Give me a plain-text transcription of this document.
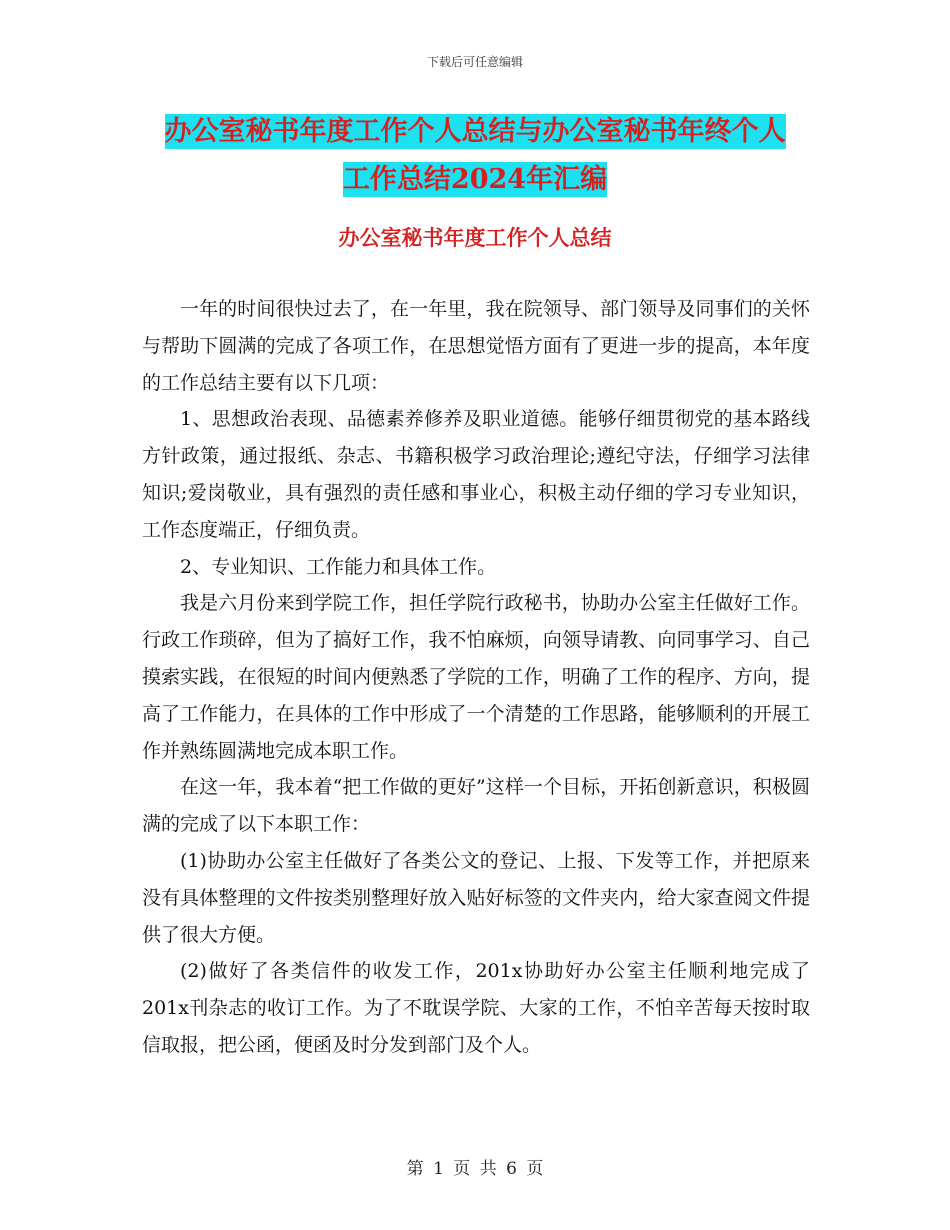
下载后可任意编辑
办公室秘书年度工作个人总结与办公室秘书年终个人
工作总结2024年汇编
办公室秘书年度工作个人总结

一年的时间很快过去了，在一年里，我在院领导、部门领导及同事们的关怀与帮助下圆满的完成了各项工作，在思想觉悟方面有了更进一步的提高，本年度的工作总结主要有以下几项：

1、思想政治表现、品德素养修养及职业道德。能够仔细贯彻党的基本路线方针政策，通过报纸、杂志、书籍积极学习政治理论;遵纪守法，仔细学习法律知识;爱岗敬业，具有强烈的责任感和事业心，积极主动仔细的学习专业知识，工作态度端正，仔细负责。

2、专业知识、工作能力和具体工作。

我是六月份来到学院工作，担任学院行政秘书，协助办公室主任做好工作。行政工作琐碎，但为了搞好工作，我不怕麻烦，向领导请教、向同事学习、自己摸索实践，在很短的时间内便熟悉了学院的工作，明确了工作的程序、方向，提高了工作能力，在具体的工作中形成了一个清楚的工作思路，能够顺利的开展工作并熟练圆满地完成本职工作。

在这一年，我本着“把工作做的更好”这样一个目标，开拓创新意识，积极圆满的完成了以下本职工作：

(1)协助办公室主任做好了各类公文的登记、上报、下发等工作，并把原来没有具体整理的文件按类别整理好放入贴好标签的文件夹内，给大家查阅文件提供了很大方便。

(2)做好了各类信件的收发工作，201x协助好办公室主任顺利地完成了201x刊杂志的收订工作。为了不耽误学院、大家的工作，不怕辛苦每天按时取信取报，把公函，便函及时分发到部门及个人。

第 1 页 共 6 页
